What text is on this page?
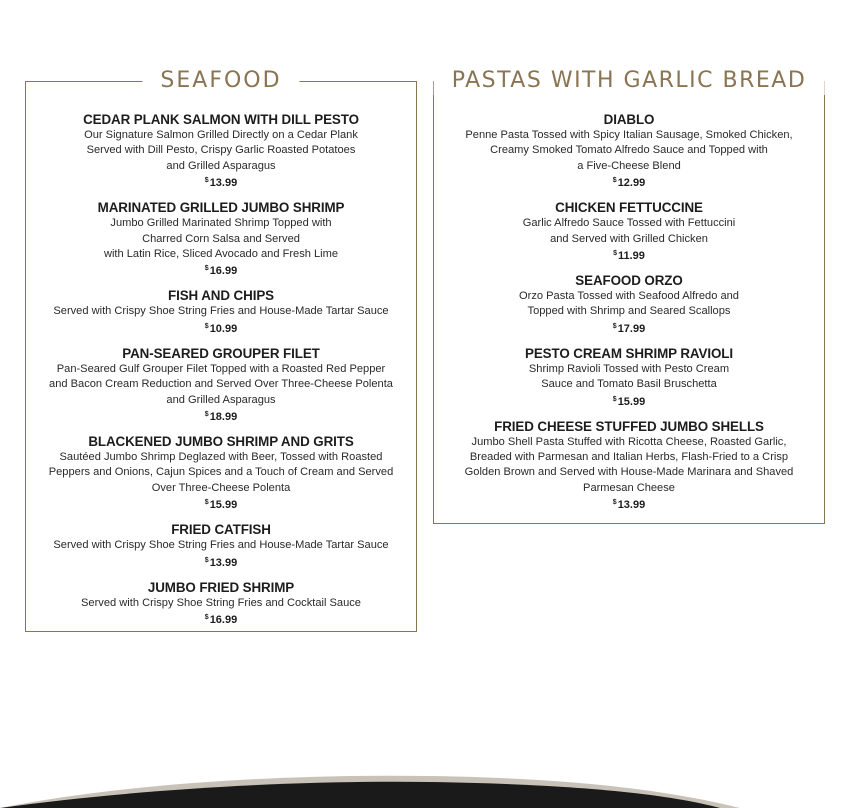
SEAFOOD
CEDAR PLANK SALMON WITH DILL PESTO
Our Signature Salmon Grilled Directly on a Cedar Plank
Served with Dill Pesto, Crispy Garlic Roasted Potatoes
and Grilled Asparagus
$13.99
MARINATED GRILLED JUMBO SHRIMP
Jumbo Grilled Marinated Shrimp Topped with
Charred Corn Salsa and Served
with Latin Rice, Sliced Avocado and Fresh Lime
$16.99
FISH AND CHIPS
Served with Crispy Shoe String Fries and House-Made Tartar Sauce
$10.99
PAN-SEARED GROUPER FILET
Pan-Seared Gulf Grouper Filet Topped with a Roasted Red Pepper
and Bacon Cream Reduction and Served Over Three-Cheese Polenta
and Grilled Asparagus
$18.99
BLACKENED JUMBO SHRIMP AND GRITS
Sautéed Jumbo Shrimp Deglazed with Beer, Tossed with Roasted
Peppers and Onions, Cajun Spices and a Touch of Cream and Served
Over Three-Cheese Polenta
$15.99
FRIED CATFISH
Served with Crispy Shoe String Fries and House-Made Tartar Sauce
$13.99
JUMBO FRIED SHRIMP
Served with Crispy Shoe String Fries and Cocktail Sauce
$16.99
PASTAS WITH GARLIC BREAD
DIABLO
Penne Pasta Tossed with Spicy Italian Sausage, Smoked Chicken,
Creamy Smoked Tomato Alfredo Sauce and Topped with
a Five-Cheese Blend
$12.99
CHICKEN FETTUCCINE
Garlic Alfredo Sauce Tossed with Fettuccini
and Served with Grilled Chicken
$11.99
SEAFOOD ORZO
Orzo Pasta Tossed with Seafood Alfredo and
Topped with Shrimp and Seared Scallops
$17.99
PESTO CREAM SHRIMP RAVIOLI
Shrimp Ravioli Tossed with Pesto Cream
Sauce and Tomato Basil Bruschetta
$15.99
FRIED CHEESE STUFFED JUMBO SHELLS
Jumbo Shell Pasta Stuffed with Ricotta Cheese, Roasted Garlic,
Breaded with Parmesan and Italian Herbs, Flash-Fried to a Crisp
Golden Brown and Served with House-Made Marinara and Shaved
Parmesan Cheese
$13.99
